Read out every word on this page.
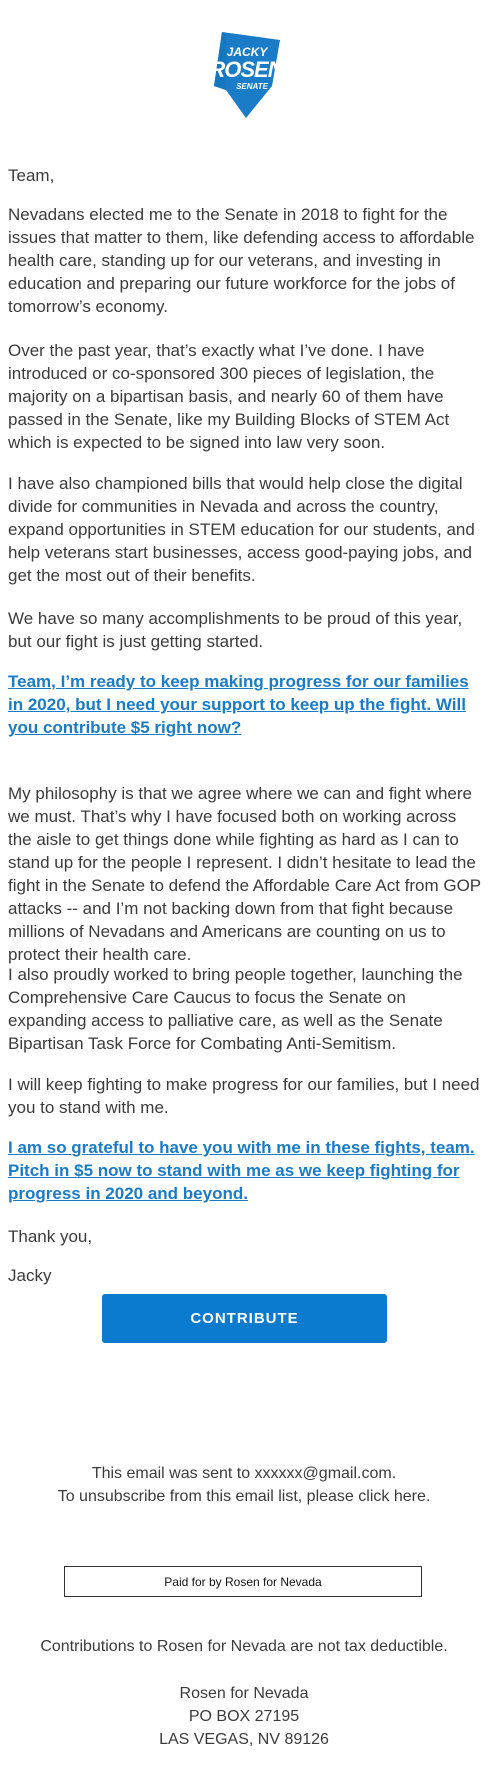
JACKY
ROSEN
SENATE

Team,

Nevadans elected me to the Senate in 2018 to fight for the issues that matter to them, like defending access to affordable health care, standing up for our veterans, and investing in education and preparing our future workforce for the jobs of tomorrow’s economy.

Over the past year, that’s exactly what I’ve done. I have introduced or co-sponsored 300 pieces of legislation, the majority on a bipartisan basis, and nearly 60 of them have passed in the Senate, like my Building Blocks of STEM Act which is expected to be signed into law very soon.

I have also championed bills that would help close the digital divide for communities in Nevada and across the country, expand opportunities in STEM education for our students, and help veterans start businesses, access good-paying jobs, and get the most out of their benefits.

We have so many accomplishments to be proud of this year, but our fight is just getting started.

Team, I’m ready to keep making progress for our families in 2020, but I need your support to keep up the fight. Will you contribute $5 right now?

My philosophy is that we agree where we can and fight where we must. That’s why I have focused both on working across the aisle to get things done while fighting as hard as I can to stand up for the people I represent. I didn’t hesitate to lead the fight in the Senate to defend the Affordable Care Act from GOP attacks -- and I’m not backing down from that fight because millions of Nevadans and Americans are counting on us to protect their health care.

I also proudly worked to bring people together, launching the Comprehensive Care Caucus to focus the Senate on expanding access to palliative care, as well as the Senate Bipartisan Task Force for Combating Anti-Semitism.

I will keep fighting to make progress for our families, but I need you to stand with me.

I am so grateful to have you with me in these fights, team. Pitch in $5 now to stand with me as we keep fighting for progress in 2020 and beyond.

Thank you,

Jacky

CONTRIBUTE

This email was sent to xxxxxx@gmail.com.

To unsubscribe from this email list, please click here.

Paid for by Rosen for Nevada

Contributions to Rosen for Nevada are not tax deductible.

Rosen for Nevada

PO BOX 27195

LAS VEGAS, NV 89126
